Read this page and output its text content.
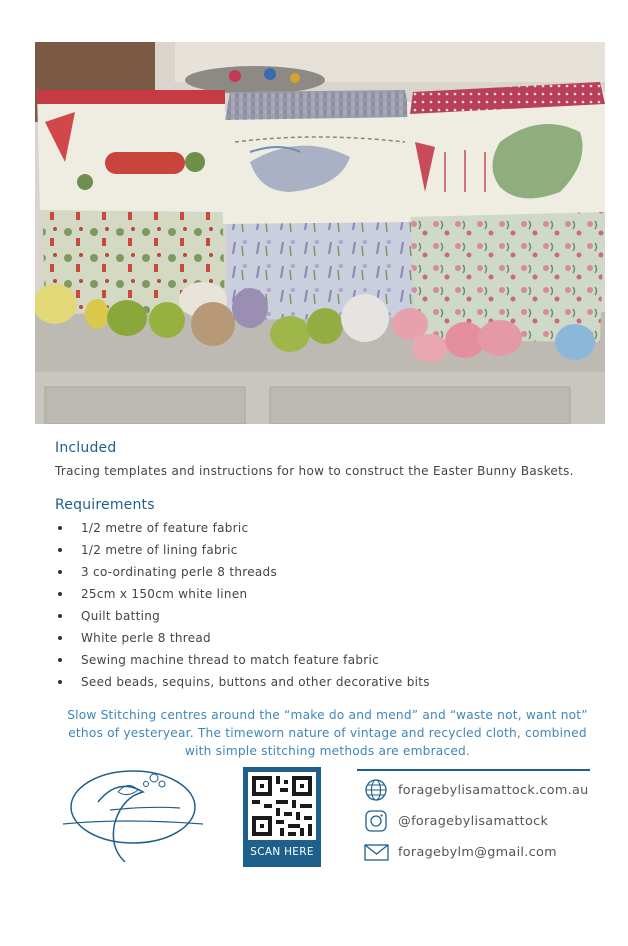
Included

Tracing templates and instructions for how to construct the Easter Bunny Baskets.

Requirements
1/2 metre of feature fabric
1/2 metre of lining fabric
3 co-ordinating perle 8 threads
25cm x 150cm white linen
Quilt batting
White perle 8 thread
Sewing machine thread to match feature fabric
Seed beads, sequins, buttons and other decorative bits

Slow Stitching centres around the “make do and mend” and “waste not, want not” ethos of yesteryear. The timeworn nature of vintage and recycled cloth, combined with simple stitching methods are embraced.

SCAN HERE
foragebylisamattock.com.au
@foragebylisamattock
foragebylm@gmail.com
